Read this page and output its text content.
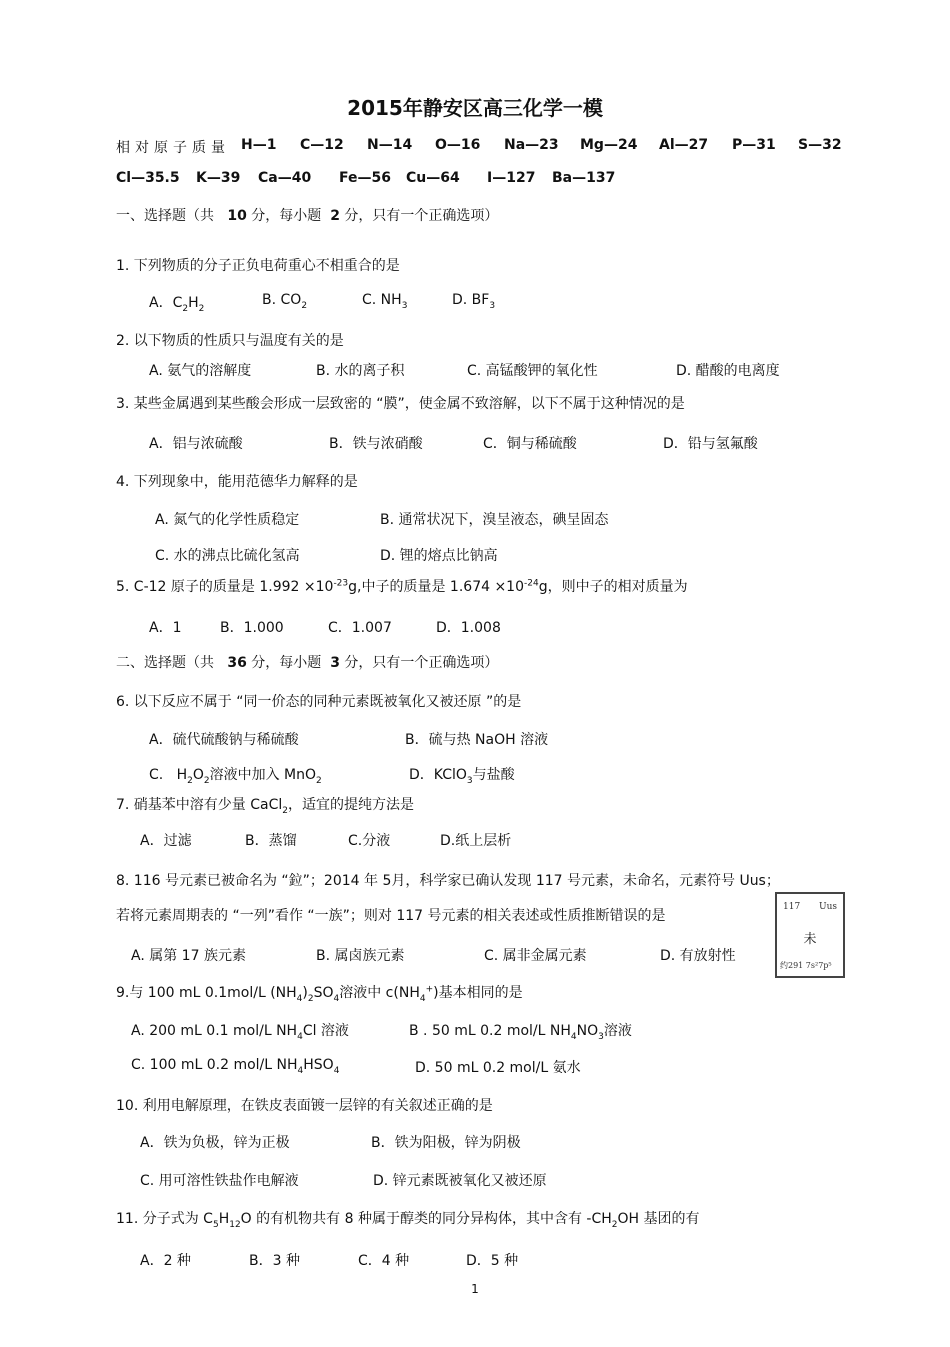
2015年静安区高三化学一模
相对原子质量 H—1 C—12 N—14 O—16 Na—23 Mg—24 Al—27 P—31 S—32
Cl—35.5 K—39 Ca—40 Fe—56 Cu—64 I—127 Ba—137
一、选择题（共 10 分，每小题 2 分，只有一个正确选项）
1. 下列物质的分子正负电荷重心不相重合的是
A．$C_2H_2$
B. $CO_2$	C. $NH_3$	D. $BF_3$
2. 以下物质的性质只与温度有关的是
A. 氨气的溶解度	B. 水的离子积	C. 高锰酸钾的氧化性	D. 醋酸的电离度
3. 某些金属遇到某些酸会形成一层致密的 “膜”，使金属不致溶解，以下不属于这种情况的是
A．铝与浓硫酸	B．铁与浓硝酸	C．铜与稀硫酸	D．铅与氢氟酸
4. 下列现象中，能用范德华力解释的是
A. 氮气的化学性质稳定	B. 通常状况下，溴呈液态，碘呈固态
C. 水的沸点比硫化氢高	D. 锂的熔点比钠高
5. C-12 原子的质量是 $1.992 \times 10^{-23}g$,中子的质量是 $1.674 \times 10^{-24}g$，则中子的相对质量为
A．1	B．1.000	C．1.007	D．1.008
二、选择题（共 36 分，每小题 3 分，只有一个正确选项）
6. 以下反应不属于 “同一价态的同种元素既被氧化又被还原 ”的是
A．硫代硫酸钠与稀硫酸	B．硫与热 NaOH 溶液
C.   $H_2O_2$溶液中加入 MnO$_2$	D．KClO$_3$与盐酸
7. 硝基苯中溶有少量 CaCl$_2$，适宜的提纯方法是
A．过滤	B．蒸馏	C.分液	D.纸上层析
8. 116 号元素已被命名为 “鉝”；2014 年 5月，科学家已确认发现 117 号元素，未命名，元素符号 Uus；
若将元素周期表的 “一列”看作 “一族”；则对 117 号元素的相关表述或性质推断错误的是
A. 属第 17 族元素	B. 属卤族元素	C. 属非金属元素	D. 有放射性
117 Uus
未
约291 7s²7p⁵
9.与 100 mL 0.1mol/L $(NH_4)_2SO_4$溶液中 $c(NH_4^+)$基本相同的是
A. 200 mL 0.1 mol/L $NH_4Cl$ 溶液	B . 50 mL 0.2 mol/L $NH_4NO_3$溶液
C. 100 mL 0.2 mol/L $NH_4HSO_4$	D. 50 mL 0.2 mol/L 氨水
10. 利用电解原理，在铁皮表面镀一层锌的有关叙述正确的是
A．铁为负极，锌为正极	B．铁为阳极，锌为阴极
C. 用可溶性铁盐作电解液	D. 锌元素既被氧化又被还原
11. 分子式为 $C_5H_{12}O$ 的有机物共有 8 种属于醇类的同分异构体，其中含有 $-CH_2OH$ 基团的有
A．2 种	B．3 种	C．4 种	D．5 种
1
